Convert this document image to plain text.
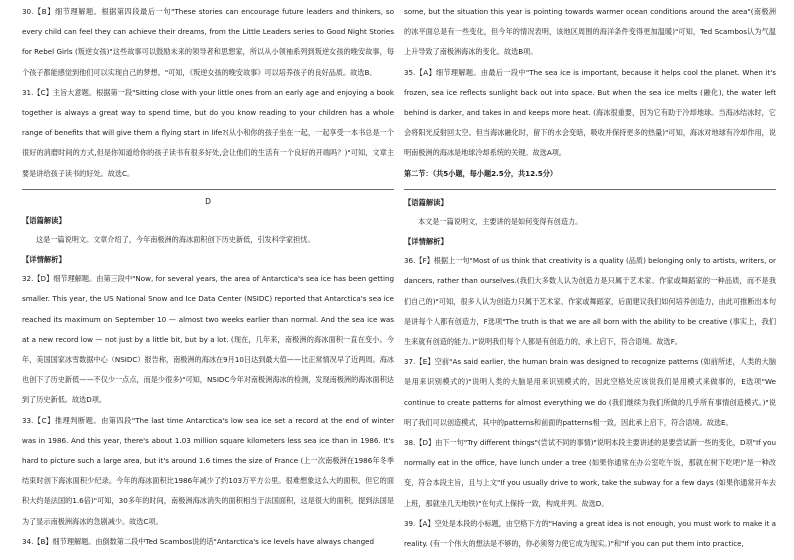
30.【B】细节理解题。根据第四段最后一句"These stories can encourage future leaders and thinkers, so every child can feel they can achieve their dreams, from the Little Leaders series to Good Night Stories for Rebel Girls (叛逆女孩)"这些故事可以鼓励未来的领导者和思想家，所以从小领袖系列到叛逆女孩的晚安故事，每个孩子都能感觉到他们可以实现自己的梦想。"可知，《叛逆女孩的晚安故事》可以培养孩子的良好品质。故选B。

31.【C】主旨大意题。根据第一段"Sitting close with your little ones from an early age and enjoying a book together is always a great way to spend time, but do you know reading to your children has a whole range of benefits that will give them a flying start in life?(从小和你的孩子坐在一起，一起享受一本书总是一个很好的消磨时间的方式,但是你知道给你的孩子读书有很多好处,会让他们的生活有一个良好的开端吗？)"可知，文章主要是讲给孩子读书的好处。故选C。

D

【语篇解读】

这是一篇说明文。文章介绍了，今年南极洲的海冰面积创下历史新低，引发科学家担忧。

【详情解析】

32.【D】细节理解题。由第三段中"Now, for several years, the area of Antarctica's sea ice has been getting smaller. This year, the US National Snow and Ice Data Center (NSIDC) reported that Antarctica's sea ice reached its maximum on September 10 — almost two weeks earlier than normal. And the sea ice was at a new record low — not just by a little bit, but by a lot. (现在，几年来，南极洲的海冰面积一直在变小。今年，美国国家冰雪数据中心（NSIDC）报告称，南极洲的海冰在9月10日达到最大值——比正常情况早了近两周。海冰也创下了历史新低——不仅少一点点，而是少很多)"可知，NSIDC今年对南极洲海冰的检测，发现南极洲的海冰面积达到了历史新低。故选D项。

33.【C】推理判断题。由第四段"The last time Antarctica's low sea ice set a record at the end of winter was in 1986. And this year, there's about 1.03 million square kilometers less sea ice than in 1986. It's hard to picture such a large area, but it's around 1.6 times the size of France (上一次南极洲在1986年冬季结束时创下海冰面积少纪录。今年的海冰面积比1986年减少了约103万平方公里。很难想象这么大的面积，但它的面积大约是法国的1.6倍)"可知，30多年的时间，南极洲海冰消失的面积相当于法国面积，这是很大的面积，提到法国是为了显示南极洲海冰的急剧减少。故选C项。

34.【B】细节理解题。由倒数第二段中Ted Scambos说的话"Antarctica's ice levels have always changed

some, but the situation this year is pointing towards warmer ocean conditions around the area"(南极洲的冰平面总是有一些变化，但今年的情况表明，该地区周围的海洋条件变得更加温暖)"可知，Ted Scambos认为气温上升导致了南极洲海冰的变化。故选B项。

35.【A】细节理解题。由最后一段中"The sea ice is important, because it helps cool the planet. When it's frozen, sea ice reflects sunlight back out into space. But when the sea ice melts (融化), the water left behind is darker, and takes in and keeps more heat. (海冰很重要，因为它有助于冷却地球。当海冰结冰时，它会将阳光反射回太空。但当海冰融化时，留下的水会变暗，吸收并保持更多的热量)"可知，海冰对地球有冷却作用，说明南极洲的海冰是地球冷却系统的关键。故选A项。

第二节：（共5小题，每小题2.5分，共12.5分）

【语篇解读】

本文是一篇说明文，主要讲的是如何变得有创造力。

【详情解析】

36.【F】根据上一句"Most of us think that creativity is a quality (品质) belonging only to artists, writers, or dancers, rather than ourselves.(我们大多数人认为创造力是只属于艺术家、作家或舞蹈家的一种品质，而不是我们自己的)"可知，很多人认为创造力只属于艺术家、作家或舞蹈家，后面建议我们如何培养创造力，由此可推断出本句是讲每个人都有创造力，F选项"The truth is that we are all born with the ability to be creative (事实上，我们生来就有创造的能力。)"说明我们每个人都是有创造力的，承上启下，符合语境。故选F。

37.【E】空前"As said earlier, the human brain was designed to recognize patterns (如前所述，人类的大脑是用来识别模式的)"说明人类的大脑是用来识别模式的，因此空格处应该说我们是用模式来做事的，E选项"We continue to create patterns for almost everything we do (我们继续为我们所做的几乎所有事情创造模式。)"说明了我们可以创造模式，其中的patterns和前面的patterns相一致，因此承上启下，符合语境。故选E。

38.【D】由下一句"Try different things"(尝试不同的事情)"说明本段主要讲述的是要尝试新一些的变化，D项"If you normally eat in the office, have lunch under a tree (如果你通常在办公室吃午饭，那就在树下吃吧)"是一种改变，符合本段主旨，且与上文"If you usually drive to work, take the subway for a few days (如果你通常开车去上班，那就坐几天地铁)"在句式上保持一致，构成并列。故选D。

39.【A】空处是本段的小标题，由空格下方的"Having a great idea is not enough, you must work to make it a reality. (有一个伟大的想法是不够的，你必须努力使它成为现实。)"和"If you can put them into practice,
